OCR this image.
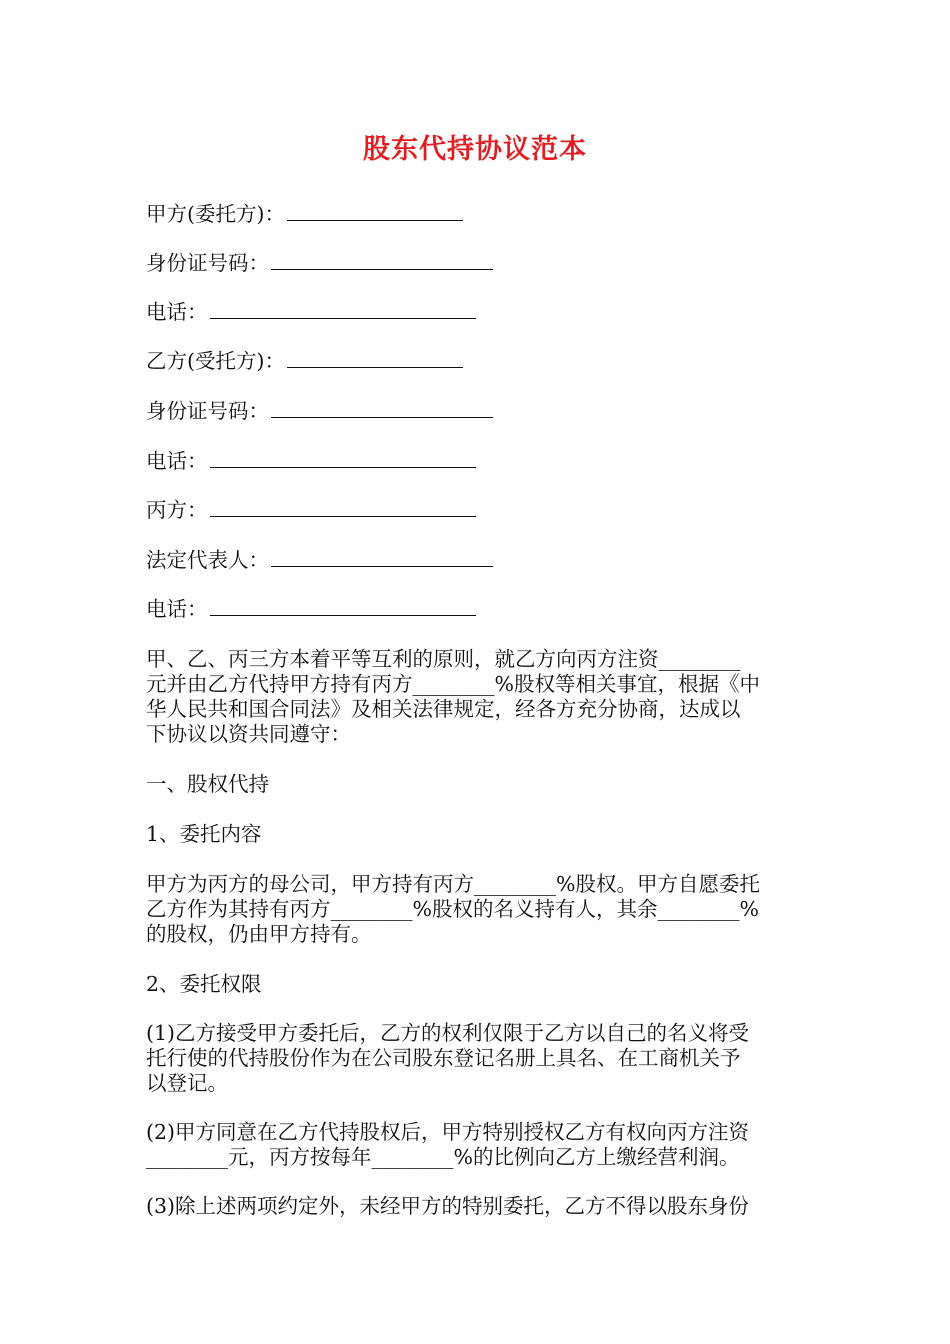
股东代持协议范本
甲方(委托方)：
身份证号码：
电话：
乙方(受托方)：
身份证号码：
电话：
丙方：
法定代表人：
电话：
甲、乙、丙三方本着平等互利的原则，就乙方向丙方注资________
元并由乙方代持甲方持有丙方________%股权等相关事宜，根据《中
华人民共和国合同法》及相关法律规定，经各方充分协商，达成以
下协议以资共同遵守：
一、股权代持
1、委托内容
甲方为丙方的母公司，甲方持有丙方________%股权。甲方自愿委托
乙方作为其持有丙方________%股权的名义持有人，其余________%
的股权，仍由甲方持有。
2、委托权限
(1)乙方接受甲方委托后，乙方的权利仅限于乙方以自己的名义将受
托行使的代持股份作为在公司股东登记名册上具名、在工商机关予
以登记。
(2)甲方同意在乙方代持股权后，甲方特别授权乙方有权向丙方注资
________元，丙方按每年________%的比例向乙方上缴经营利润。
(3)除上述两项约定外，未经甲方的特别委托，乙方不得以股东身份
